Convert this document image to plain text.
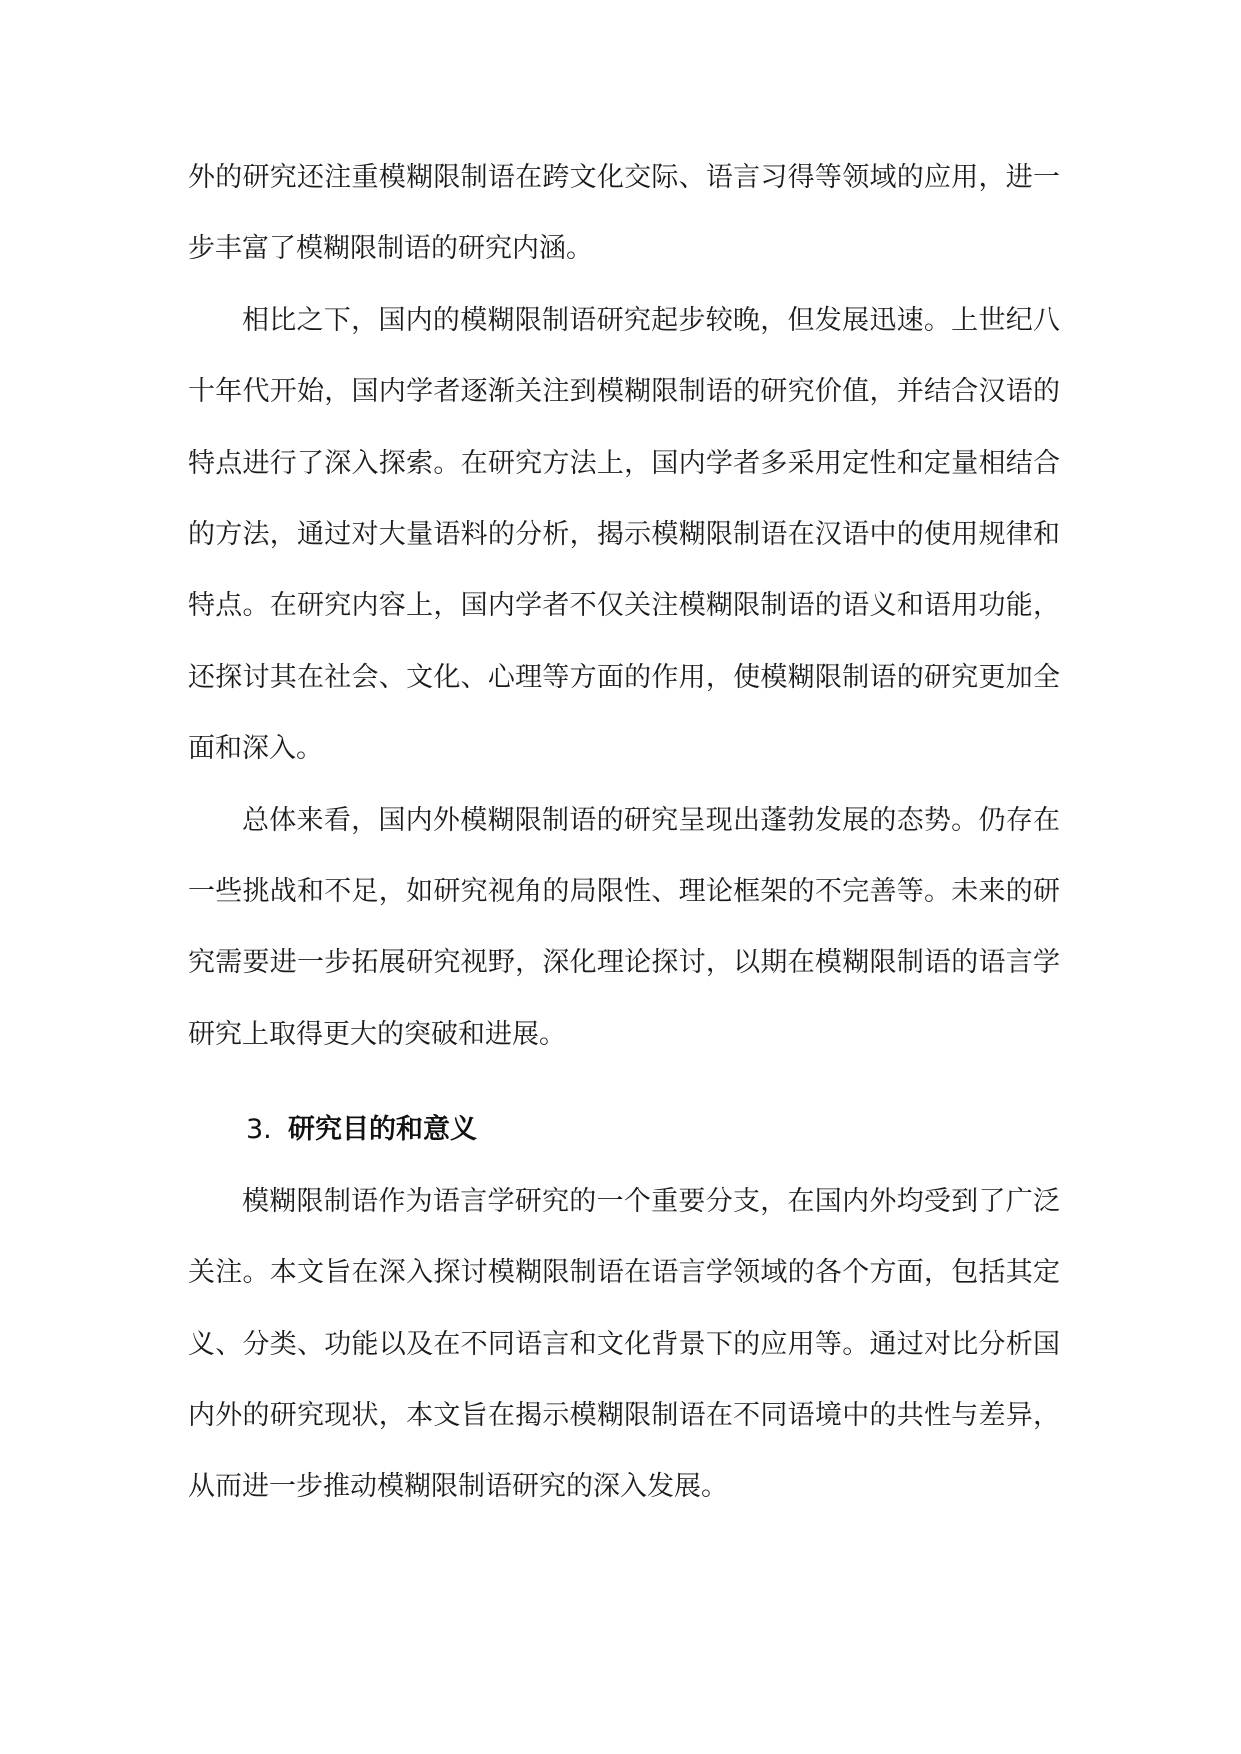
外的研究还注重模糊限制语在跨文化交际、语言习得等领域的应用，进一步丰富了模糊限制语的研究内涵。

相比之下，国内的模糊限制语研究起步较晚，但发展迅速。上世纪八十年代开始，国内学者逐渐关注到模糊限制语的研究价值，并结合汉语的特点进行了深入探索。在研究方法上，国内学者多采用定性和定量相结合的方法，通过对大量语料的分析，揭示模糊限制语在汉语中的使用规律和特点。在研究内容上，国内学者不仅关注模糊限制语的语义和语用功能，还探讨其在社会、文化、心理等方面的作用，使模糊限制语的研究更加全面和深入。

总体来看，国内外模糊限制语的研究呈现出蓬勃发展的态势。仍存在一些挑战和不足，如研究视角的局限性、理论框架的不完善等。未来的研究需要进一步拓展研究视野，深化理论探讨，以期在模糊限制语的语言学研究上取得更大的突破和进展。

3. 研究目的和意义

模糊限制语作为语言学研究的一个重要分支，在国内外均受到了广泛关注。本文旨在深入探讨模糊限制语在语言学领域的各个方面，包括其定义、分类、功能以及在不同语言和文化背景下的应用等。通过对比分析国内外的研究现状，本文旨在揭示模糊限制语在不同语境中的共性与差异，从而进一步推动模糊限制语研究的深入发展。
